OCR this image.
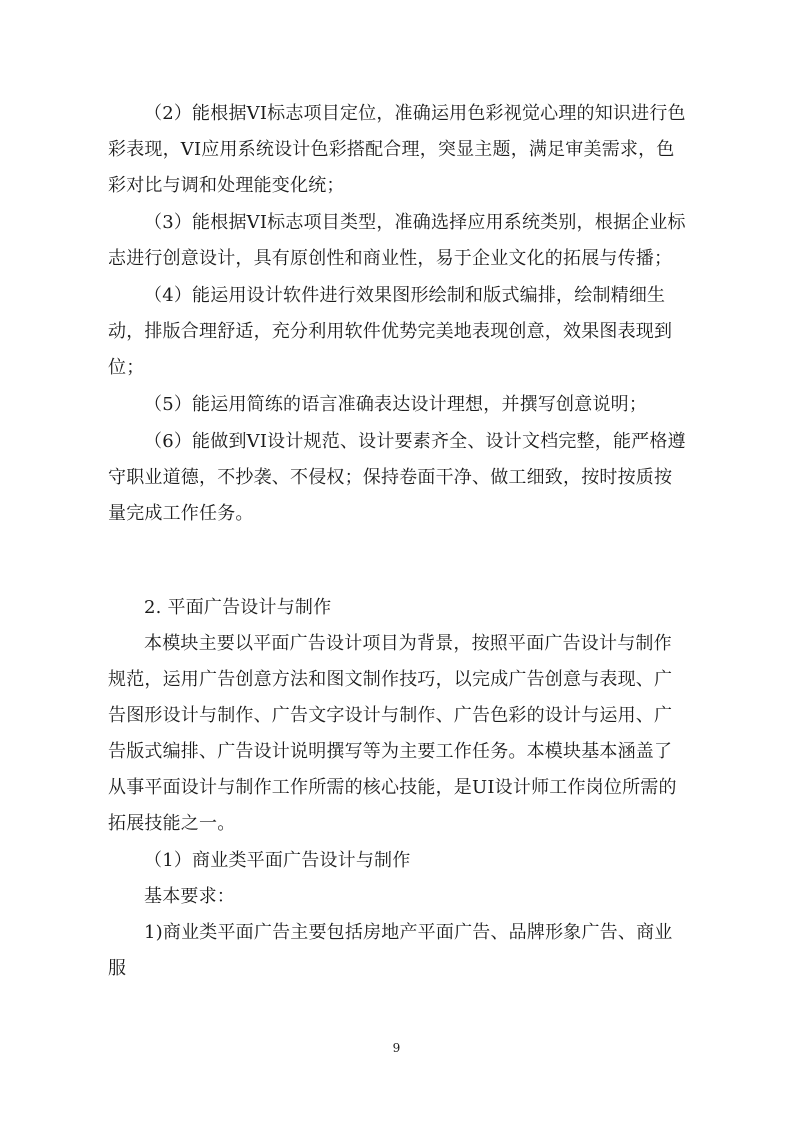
（2）能根据VI标志项目定位，准确运用色彩视觉心理的知识进行色彩表现，VI应用系统设计色彩搭配合理，突显主题，满足审美需求，色彩对比与调和处理能变化统；

（3）能根据VI标志项目类型，准确选择应用系统类别，根据企业标志进行创意设计，具有原创性和商业性，易于企业文化的拓展与传播；

（4）能运用设计软件进行效果图形绘制和版式编排，绘制精细生动，排版合理舒适，充分利用软件优势完美地表现创意，效果图表现到位；

（5）能运用简练的语言准确表达设计理想，并撰写创意说明；

（6）能做到VI设计规范、设计要素齐全、设计文档完整，能严格遵守职业道德，不抄袭、不侵权；保持卷面干净、做工细致，按时按质按量完成工作任务。

2. 平面广告设计与制作

本模块主要以平面广告设计项目为背景，按照平面广告设计与制作规范，运用广告创意方法和图文制作技巧，以完成广告创意与表现、广告图形设计与制作、广告文字设计与制作、广告色彩的设计与运用、广告版式编排、广告设计说明撰写等为主要工作任务。本模块基本涵盖了从事平面设计与制作工作所需的核心技能，是UI设计师工作岗位所需的拓展技能之一。

（1）商业类平面广告设计与制作

基本要求：

1)商业类平面广告主要包括房地产平面广告、品牌形象广告、商业服

9
